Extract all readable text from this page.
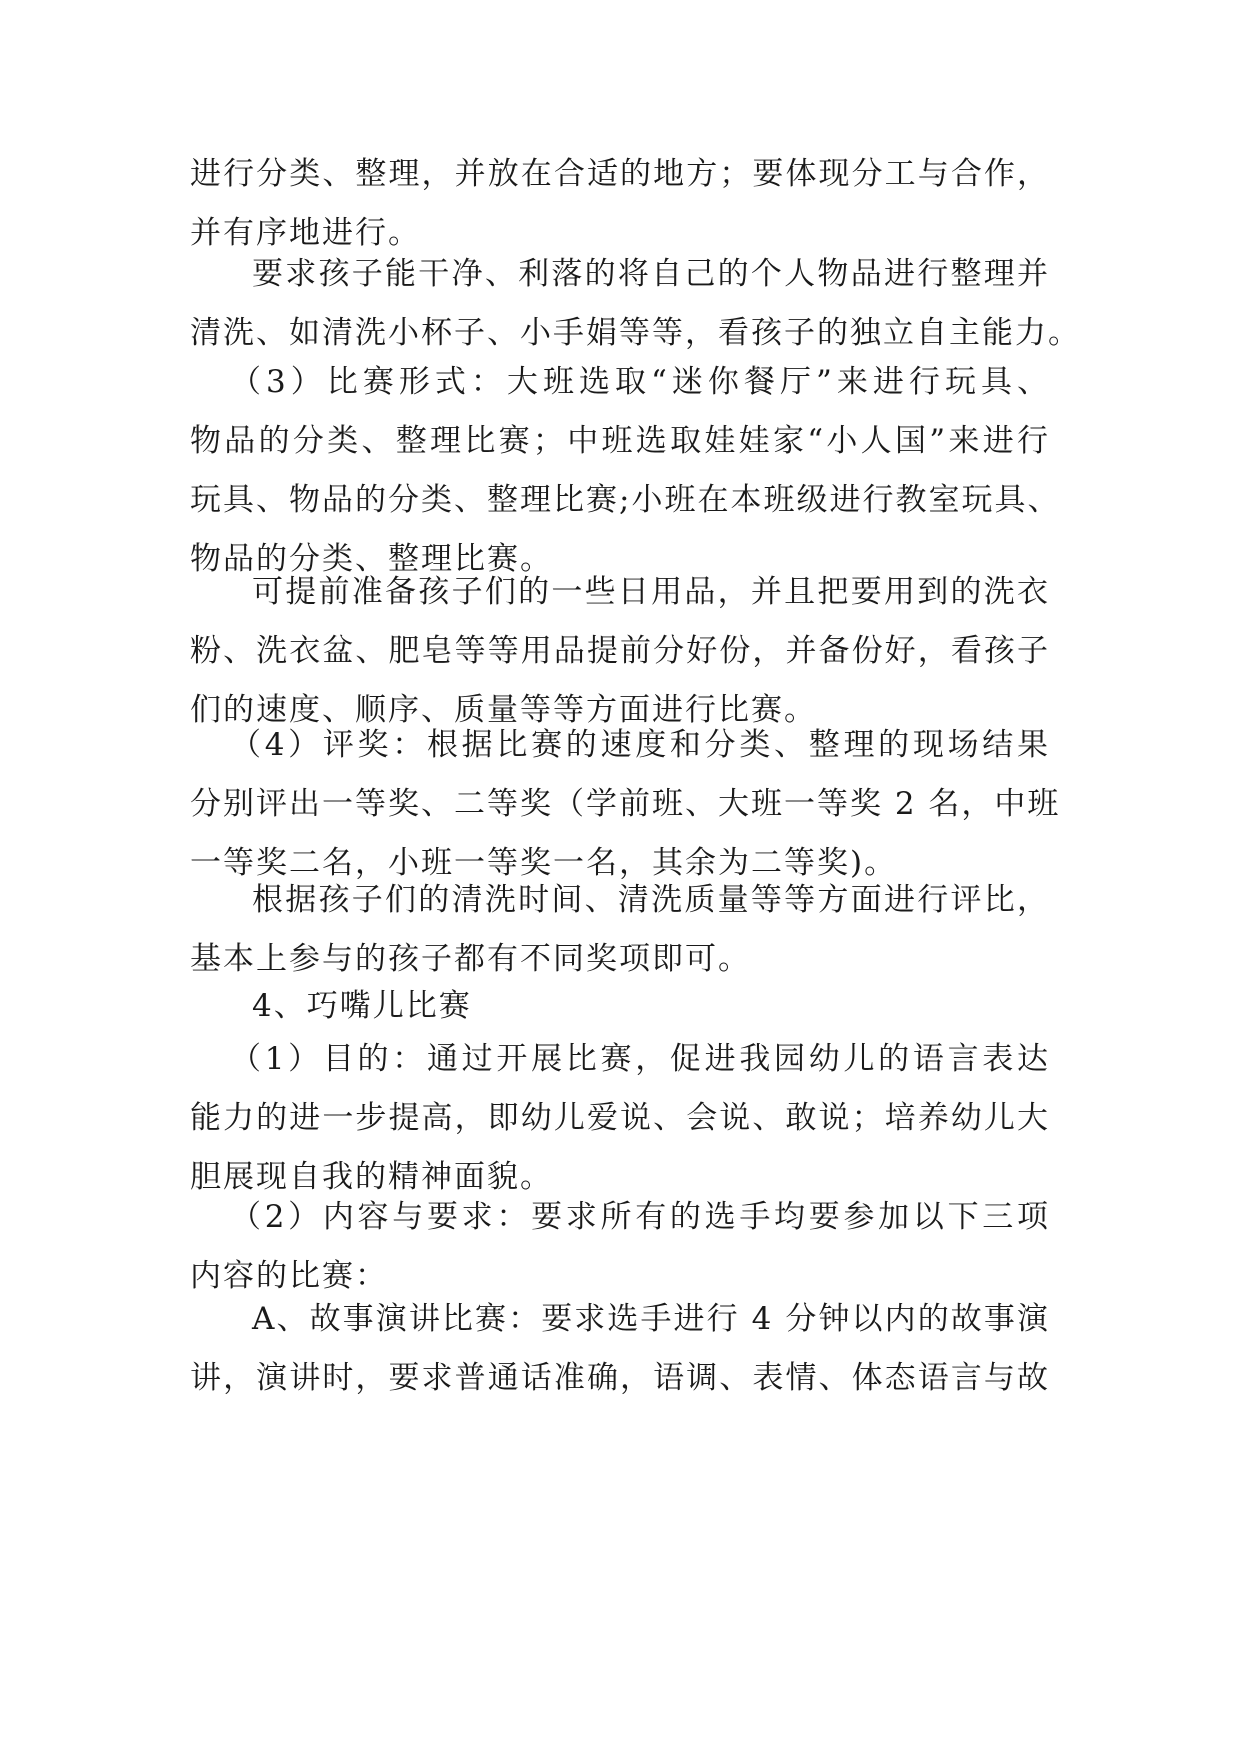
进行分类、整理，并放在合适的地方；要体现分工与合作，
并有序地进行。
要求孩子能干净、利落的将自己的个人物品进行整理并
清洗、如清洗小杯子、小手娟等等，看孩子的独立自主能力。
（3）比赛形式：大班选取“迷你餐厅”来进行玩具、
物品的分类、整理比赛；中班选取娃娃家“小人国”来进行
玩具、物品的分类、整理比赛;小班在本班级进行教室玩具、
物品的分类、整理比赛。
可提前准备孩子们的一些日用品，并且把要用到的洗衣
粉、洗衣盆、肥皂等等用品提前分好份，并备份好，看孩子
们的速度、顺序、质量等等方面进行比赛。
（4）评奖：根据比赛的速度和分类、整理的现场结果
分别评出一等奖、二等奖（学前班、大班一等奖 2 名，中班
一等奖二名，小班一等奖一名，其余为二等奖)。
根据孩子们的清洗时间、清洗质量等等方面进行评比，
基本上参与的孩子都有不同奖项即可。
4、巧嘴儿比赛
（1）目的：通过开展比赛，促进我园幼儿的语言表达
能力的进一步提高，即幼儿爱说、会说、敢说；培养幼儿大
胆展现自我的精神面貌。
（2）内容与要求：要求所有的选手均要参加以下三项
内容的比赛：
A、故事演讲比赛：要求选手进行 4 分钟以内的故事演
讲，演讲时，要求普通话准确，语调、表情、体态语言与故
